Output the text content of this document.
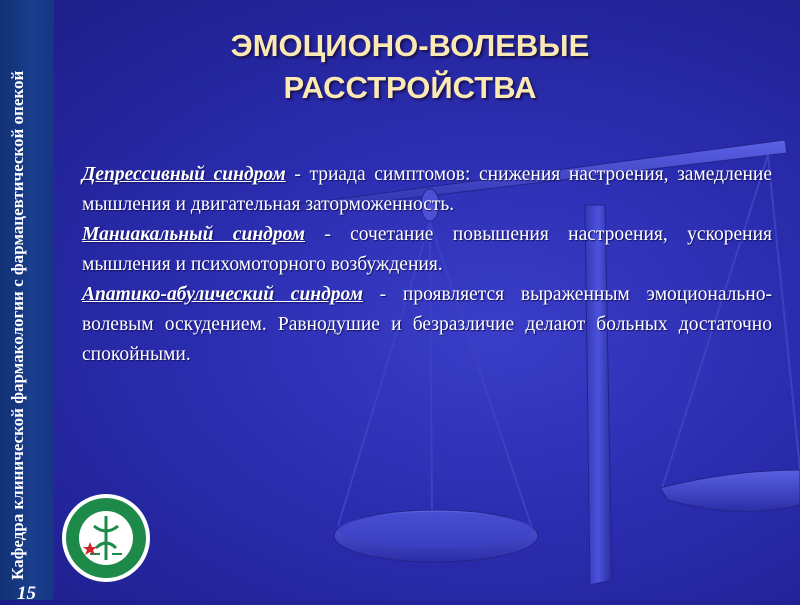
Кафедра клинической фармакологии с фармацевтической опекой
15
ЭМОЦИОНО-ВОЛЕВЫЕ
РАССТРОЙСТВА

Депрессивный синдром - триада симптомов: снижения настроения, замедление мышления и двигательная заторможенность.

Маниакальный синдром - сочетание повышения настроения, ускорения мышления и психомоторного возбуждения.

Апатико-абулический синдром - проявляется выраженным эмоционально-волевым оскудением. Равнодушие и безразличие делают больных достаточно спокойными.
